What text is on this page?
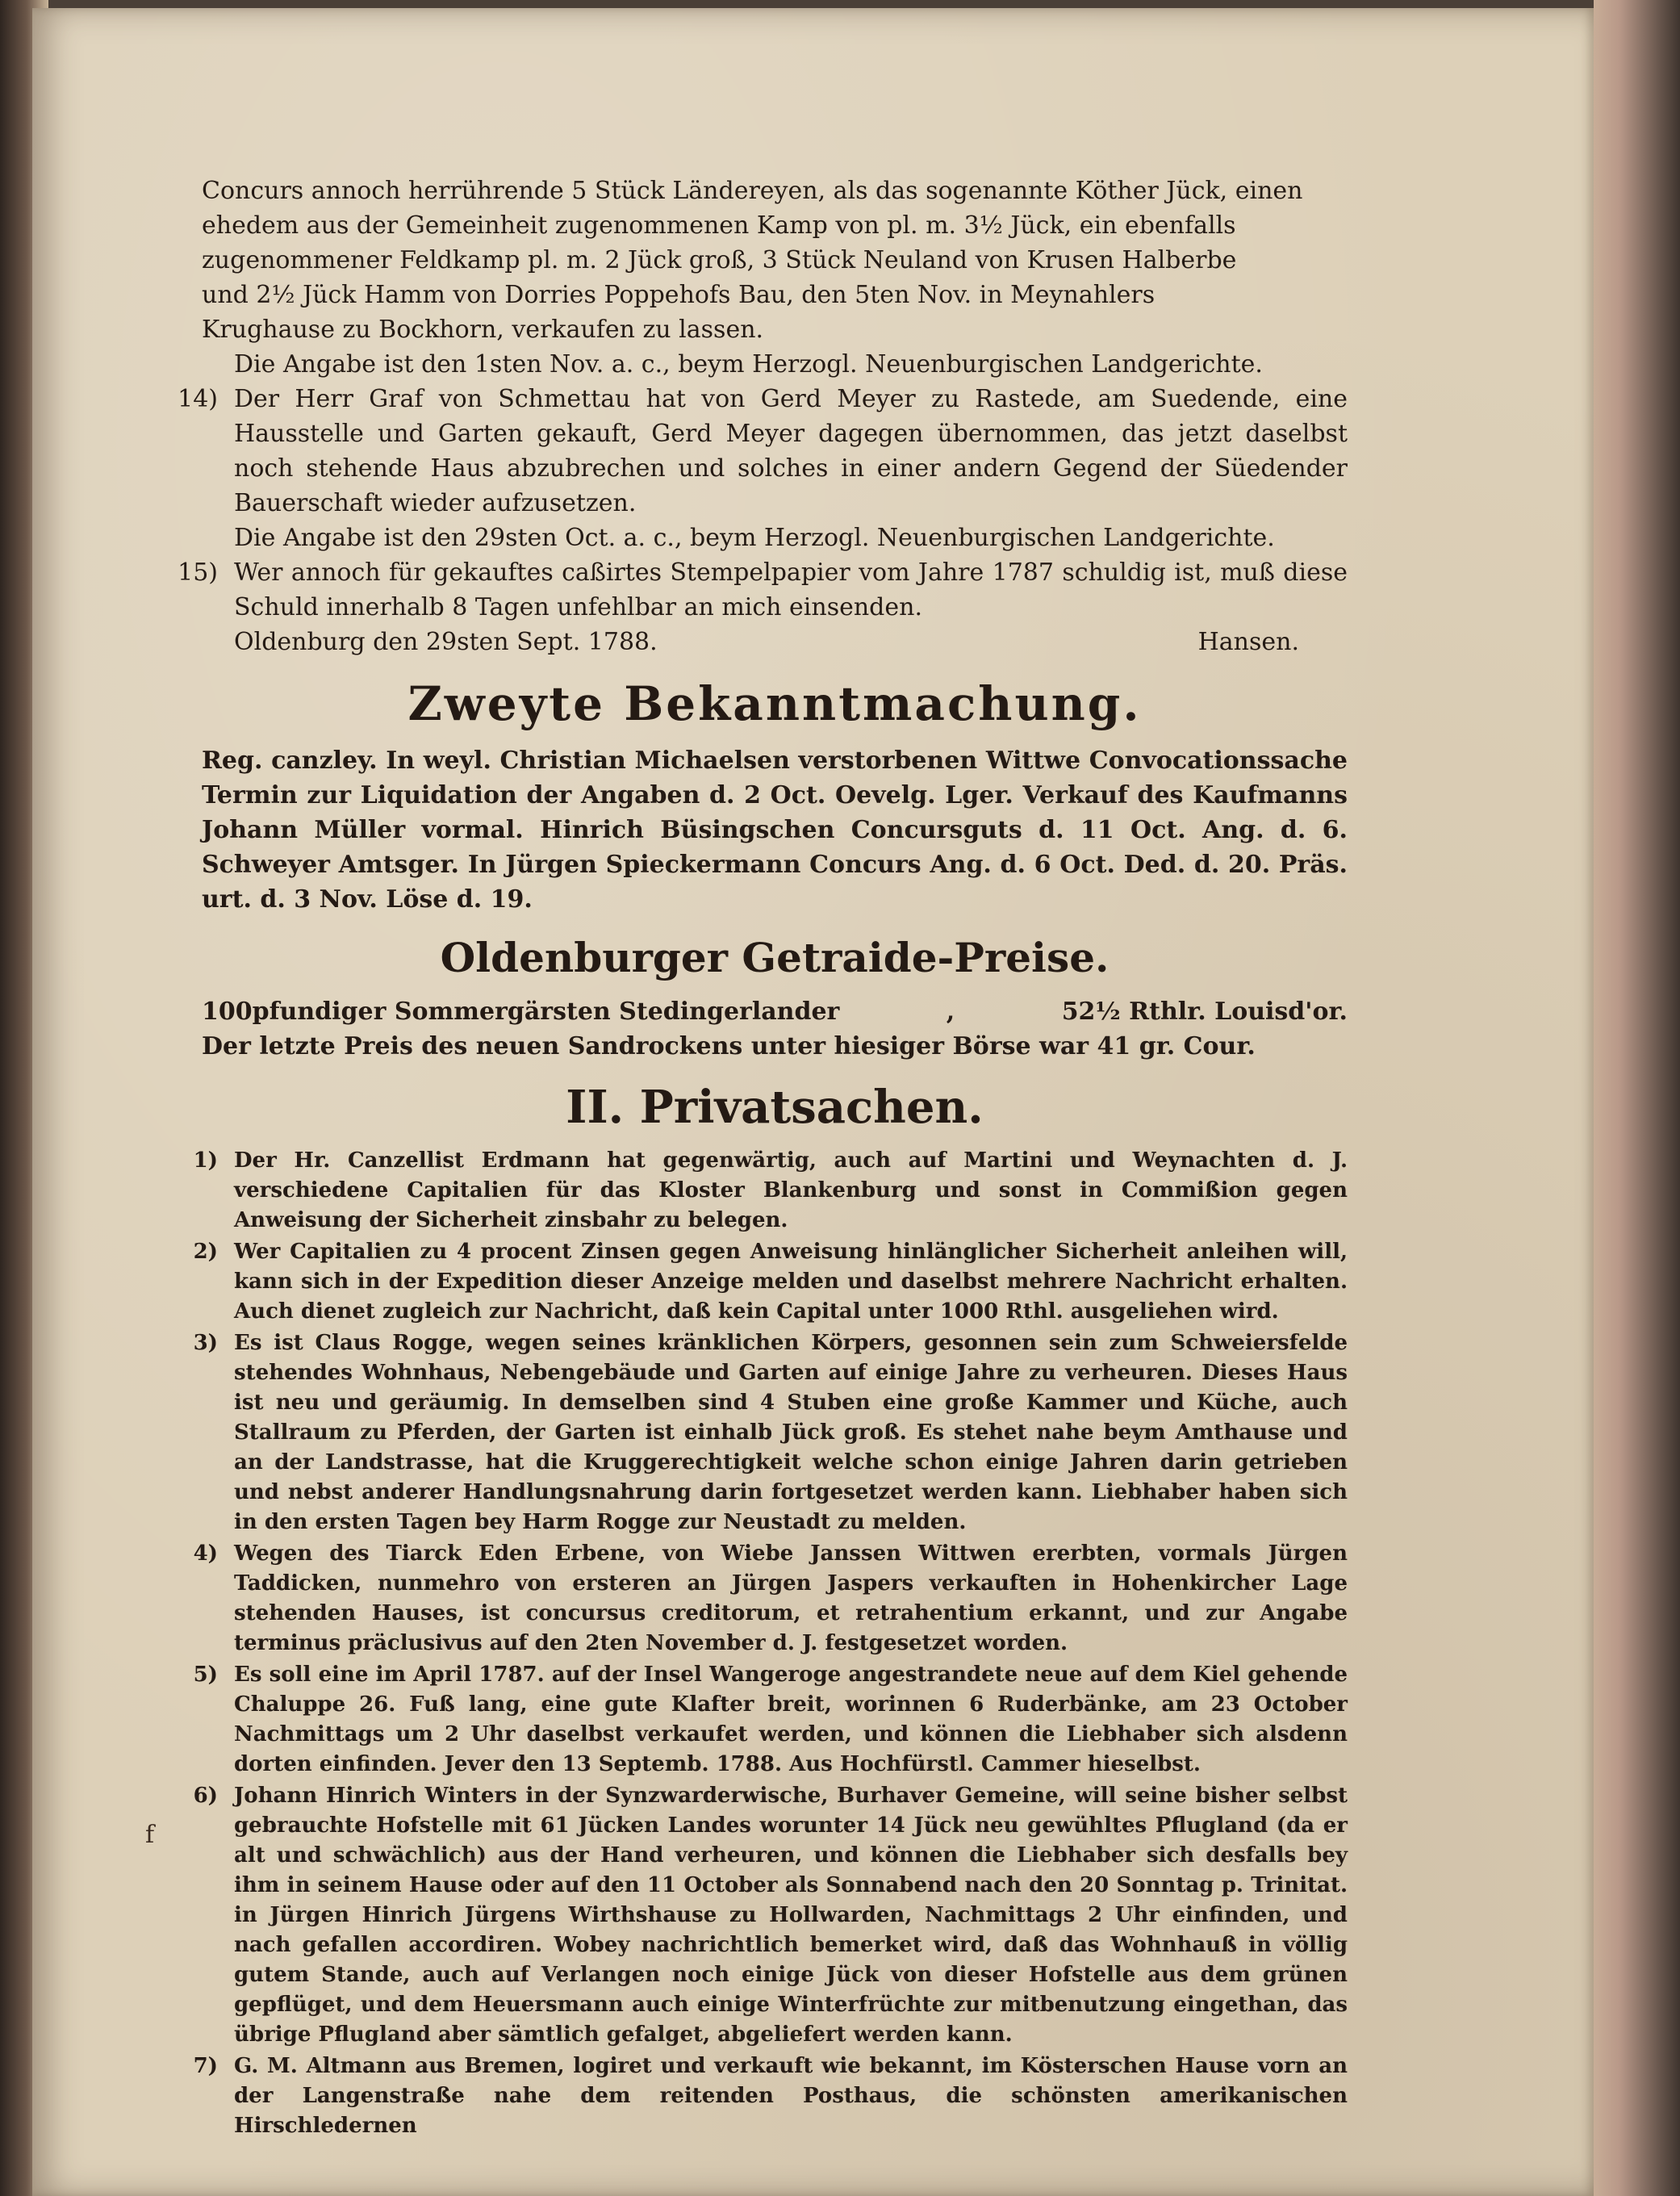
Concurs annoch herrührende 5 Stück Ländereyen, als das sogenannte Köther Jück, einen
ehedem aus der Gemeinheit zugenommenen Kamp von pl. m. 3½ Jück, ein ebenfalls
zugenommener Feldkamp pl. m. 2 Jück groß, 3 Stück Neuland von Krusen Halberbe
und 2½ Jück Hamm von Dorries Poppehofs Bau, den 5ten Nov. in Meynahlers
Krughause zu Bockhorn, verkaufen zu lassen.

Die Angabe ist den 1sten Nov. a. c., beym Herzogl. Neuenburgischen Landgerichte.

14) Der Herr Graf von Schmettau hat von Gerd Meyer zu Rastede, am Suedende, eine Hausstelle und Garten gekauft, Gerd Meyer dagegen übernommen, das jetzt daselbst noch stehende Haus abzubrechen und solches in einer andern Gegend der Süedender Bauerschaft wieder aufzusetzen.

Die Angabe ist den 29sten Oct. a. c., beym Herzogl. Neuenburgischen Landgerichte.

15) Wer annoch für gekauftes caßirtes Stempelpapier vom Jahre 1787 schuldig ist, muß diese Schuld innerhalb 8 Tagen unfehlbar an mich einsenden.

Oldenburg den 29sten Sept. 1788.	Hansen.
Zweyte Bekanntmachung.

Reg. canzley. In weyl. Christian Michaelsen verstorbenen Wittwe Convocationssache Termin zur Liquidation der Angaben d. 2 Oct. Oevelg. Lger. Verkauf des Kaufmanns Johann Müller vormal. Hinrich Büsingschen Concursguts d. 11 Oct. Ang. d. 6. Schweyer Amtsger. In Jürgen Spieckermann Concurs Ang. d. 6 Oct. Ded. d. 20. Präs. urt. d. 3 Nov. Löse d. 19.

Oldenburger Getraide-Preise.
100pfundiger Sommergärsten Stedingerlander	,	52½ Rthlr. Louisd'or.

Der letzte Preis des neuen Sandrockens unter hiesiger Börse war 41 gr. Cour.

II. Privatsachen.
1) Der Hr. Canzellist Erdmann hat gegenwärtig, auch auf Martini und Weynachten d. J. verschiedene Capitalien für das Kloster Blankenburg und sonst in Commißion gegen Anweisung der Sicherheit zinsbahr zu belegen.

2) Wer Capitalien zu 4 procent Zinsen gegen Anweisung hinlänglicher Sicherheit anleihen will, kann sich in der Expedition dieser Anzeige melden und daselbst mehrere Nachricht erhalten. Auch dienet zugleich zur Nachricht, daß kein Capital unter 1000 Rthl. ausgeliehen wird.

3) Es ist Claus Rogge, wegen seines kränklichen Körpers, gesonnen sein zum Schweiersfelde stehendes Wohnhaus, Nebengebäude und Garten auf einige Jahre zu verheuren. Dieses Haus ist neu und geräumig. In demselben sind 4 Stuben eine große Kammer und Küche, auch Stallraum zu Pferden, der Garten ist einhalb Jück groß. Es stehet nahe beym Amthause und an der Landstrasse, hat die Kruggerechtigkeit welche schon einige Jahren darin getrieben und nebst anderer Handlungsnahrung darin fortgesetzet werden kann. Liebhaber haben sich in den ersten Tagen bey Harm Rogge zur Neustadt zu melden.

4) Wegen des Tiarck Eden Erbene, von Wiebe Janssen Wittwen ererbten, vormals Jürgen Taddicken, nunmehro von ersteren an Jürgen Jaspers verkauften in Hohenkircher Lage stehenden Hauses, ist concursus creditorum, et retrahentium erkannt, und zur Angabe terminus präclusivus auf den 2ten November d. J. festgesetzet worden.

5) Es soll eine im April 1787. auf der Insel Wangeroge angestrandete neue auf dem Kiel gehende Chaluppe 26. Fuß lang, eine gute Klafter breit, worinnen 6 Ruderbänke, am 23 October Nachmittags um 2 Uhr daselbst verkaufet werden, und können die Liebhaber sich alsdenn dorten einfinden. Jever den 13 Septemb. 1788. Aus Hochfürstl. Cammer hieselbst.

6) Johann Hinrich Winters in der Synzwarderwische, Burhaver Gemeine, will seine bisher selbst gebrauchte Hofstelle mit 61 Jücken Landes worunter 14 Jück neu gewühltes Pflugland (da er alt und schwächlich) aus der Hand verheuren, und können die Liebhaber sich desfalls bey ihm in seinem Hause oder auf den 11 October als Sonnabend nach den 20 Sonntag p. Trinitat. in Jürgen Hinrich Jürgens Wirthshause zu Hollwarden, Nachmittags 2 Uhr einfinden, und nach gefallen accordiren. Wobey nachrichtlich bemerket wird, daß das Wohnhauß in völlig gutem Stande, auch auf Verlangen noch einige Jück von dieser Hofstelle aus dem grünen gepflüget, und dem Heuersmann auch einige Winterfrüchte zur mitbenutzung eingethan, das übrige Pflugland aber sämtlich gefalget, abgeliefert werden kann.

7) G. M. Altmann aus Bremen, logiret und verkauft wie bekannt, im Kösterschen Hause vorn an der Langenstraße nahe dem reitenden Posthaus, die schönsten amerikanischen Hirschledernen

f
